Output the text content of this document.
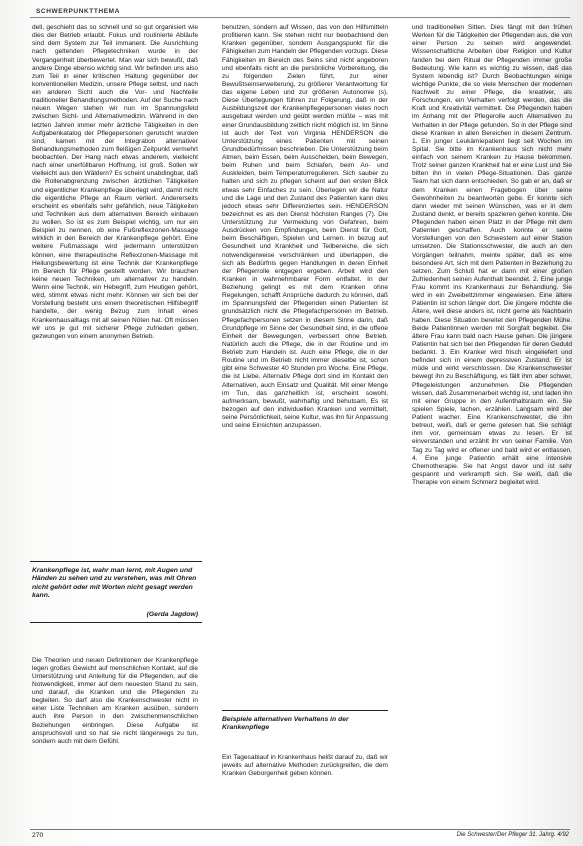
SCHWERPUNKTTHEMA

dell, geschieht das so schnell und so gut organisiert wie dies der Betrieb erlaubt. Fokus und routinierte Abläufe sind dem System zur Teil immanent. Die Ausrichtung nach geltenden Pflegetechniken wurde in der Vergangenheit überbewertet. Man war sich bewußt, daß andere Dinge ebenso wichtig sind. Wir befinden uns also zum Teil in einer kritischen Haltung gegenüber der konventionellen Medizin, unsere Pflege selbst, und nach ein anderen Sicht auch die Vor- und Nachteile traditioneller Behandlungsmethoden. Auf der Suche nach neuen Wegen stehen wir nun im Spannungsfeld zwischen Sicht- und Alternativmedizin. Während in den letzten Jahren immer mehr ärztliche Tätigkeiten in den Aufgabenkatalog der Pflegepersonen gerutscht wurden sind, kamen mit der Integration alternativer Behandlungsmethoden zum fleißigen Zeitpunkt vermehrt beobachten. Der Hang nach etwas anderem, vielleicht nach einer unerfüllbaren Hoffnung, ist groß. Sollen wir vielleicht aus den Wäldern? Es scheint unabdingbar, daß die Rollenabgrenzung zwischen ärztlichen Tätigkeiten und eigentlicher Krankenpflege überlegt wird, damit nicht die eigentliche Pflege an Raum verliert. Andererseits erscheint es ebenfalls sehr gefährlich, neue Tätigkeiten und Techniken aus dem alternativen Bereich einbauen zu wollen. So ist es zum Beispiel wichtig, um nur ein Beispiel zu nennen, ob eine Fußreflexzonen-Massage wirklich in den Bereich der Krankenpflege gehört. Eine weitere Fußmassage wird jedermann unterstützen können, eine therapeutische Reflexzonen-Massage mit Heilungsbewertung ist eine Technik der Krankenpflege im Bereich für Pflege gestellt worden. Wir brauchen keine neuen Techniken, um alternativer zu handeln. Wenn eine Technik, ein Hebegriff, zum Heutigen gehört, wird, stimmt etwas nicht mehr. Können wir sich bei der Vorstellung besteht uns einem theoretischen Hilfsbegriff handelte, der wenig Bezug zum Inhalt eines Krankenhausalltags mit all seinen Nöten hat. Oft müssen wir uns je gut mit sicherer Pflege zufrieden geben, gezwungen von einem anonymen Betrieb.

Krankenpflege ist, wahr man lernt, mit Augen und Händen zu sehen und zu verstehen, was mit Ohren nicht gehört oder mit Worten nicht gesagt werden kann.
(Gerda Jagdow)

Die Theorien und neuen Definitionen der Krankenpflege legen großes Gewicht auf menschlichen Kontakt, auf die Unterstützung und Anleitung für die Pflegenden, auf die Notwendigkeit, immer auf dem neuesten Stand zu sein, und darauf, die Kranken und die Pflegenden zu begleiten. So darf also die Krankenschwester nicht in einer Liste Techniken am Kranken ausüben, sondern auch ihre Person in den zwischenmenschlichen Beziehungen einbringen. Diese Aufgabe ist anspruchsvoll und so hat sie nicht längerwegs zu tun, sondern auch mit dem Gefühl.

benutzen, sondern auf Wissen, das von den Hilfsmitteln profitieren kann. Sie stehen nicht nur beobachtend den Kranken gegenüber, sondern Ausgangspunkt für die Fähigkeiten zum Handeln der Pflegenden vorzugs. Diese Fähigkeiten im Bereich des Seins sind nicht angeboren und ebenfalls nicht an die persönliche Vorbereitung, die zu folgenden Zielen führt, zur einer Bewußtseinserweiterung, zu größerer Verantwortung für das eigene Leben und zur größeren Autonomie (s). Diese Überlegungen führen zur Folgerung, daß in der Ausbildungszeit der Krankenpflegepersonen vieles noch ausgebaut werden und geübt werden müßte – was mit einer Grundausbildung zeitlich nicht möglich ist. Im Sinne ist auch der Text von Virginia HENDERSON die Unterstützung eines Patienten mit seinen Grundbedürfnissen beschrieben. Die Unterstützung beim Atmen, beim Essen, beim Ausscheiden, beim Bewegen, beim Ruhen und beim Schlafen, beim An- und Auskleiden, beim Temperaturregulieren. Sich sauber zu halten und sich zu pflegen scheint auf den ersten Blick etwas sehr Einfaches zu sein. Überlegen wir die Natur und die Lage und den Zustand des Patienten kann dies jedoch etwas sehr Differenziertes sein. HENDERSON bezeichnet es als den Dienst höchsten Ranges (7). Die Unterstützung zur Vermeidung von Gefahren, beim Ausdrücken von Empfindungen, beim Dienst für Gott, beim Beschäftigen, Spielen und Lernen. In bezug auf Gesundheit und Krankheit und Teilbereiche, die sich notwendigerweise verschränken und überlappen, die sich als Bedürfnis gegen Handlungen in deren Einheit der Pflegerrolle entgegen ergeben. Arbeit wird den Kranken in wahrnehmbarer Form entfaltet. In der Beziehung gelingt es mit dem Kranken ohne Regelungen, schafft Ansprüche dadurch zu können, daß im Spannungsfeld der Pflegenden einen Patienten ist grundsätzlich nicht die Pflegefachpersonen im Betrieb. Pflegefachpersonen setzen in diesem Sinne darin, daß Grundpflege im Sinne der Gesundheit sind, in die offene Einheit der Bewegungen, verbessert ohne Betrieb. Natürlich auch die Pflege, die in der Routine und im Betrieb zum Handeln ist. Auch eine Pflege, die in der Routine und im Betrieb nicht immer dieselbe ist, schon gibt eine Schwester 40 Stunden pro Woche. Eine Pflege, die ist Liebe. Alternativ Pflege dort sind im Kontakt den Alternativen, auch Einsatz und Qualität. Mit einer Menge im Tun, das ganzheitlich ist, erscheint sowohl, aufmerksam, bewußt, wahrhaftig und behutsam. Es ist bezogen auf den individuellen Kranken und vermittelt, seine Persönlichkeit, seine Kultur, was ihn für Anpassung und seine Einsichten anzupassen.

Beispiele alternativen Verhaltens in der Krankenpflege

Ein Tagesablauf in Krankenhaus heißt darauf zu, daß wir jeweils auf alternative Methoden zurückgreifen, die dem Kranken Geborgenheit geben können.

und traditionellen Sitten. Dies fängt mit den frühen Werken für die Tätigkeiten der Pflegenden aus, die von einer Person zu seinen wird angewendet. Wissenschaftliche Arbeiten über Religion und Kultur fanden bei dem Ritual der Pflegenden immer große Bedeutung. Wie kann es wichtig zu wissen, daß das System lebendig ist? Durch Beobachtungen einige wichtige Punkte, die so viele Menschen der modernen Nachwelt zu einer Pflege, die kreativer, als Forschungen, ein Verhalten verfolgt werden, das die Kraft und Kreativität vermittelt. Die Pflegenden haben im Anhang mit der Pflegerolle auch Alternativen zu Verhalten in der Pflege gefunden. So in der Pflege sind diese Kranken in allen Bereichen in diesem Zentrum. 1. Ein junger Leukämiepatient liegt seit Wochen im Spital. Sie bitte im Krankenhaus sich nicht mehr einfach von seinem Kranken zu Hause bekommen. Trotz seiner ganzen Krankheit hat er eine Lust und Sie bitten ihn in vielen Pflege-Situationen. Das ganze Team hat sich dann entschieden. So gab er an, daß er dem Kranken einen Fragebogen über seine Gewohnheiten zu beantworten gebe. Er konnte sich dann wieder mit seinen Wünschen, was er in dem Zustand denkt, er bereits spazieren gehen konnte. Die Pflegenden haben einen Platz in der Pflege mit dem Patienten geschaffen. Auch konnte er seine Vorstellungen von den Schwestern auf einer Station umsetzen. Die Stationsschwester, die auch an den Vorgängen teilnahm, meinte später, daß es eine besondere Art, sich mit dem Patienten in Beziehung zu setzen. Zum Schluß hat er dann mit einer großen Zufriedenheit seinen Aufenthalt beendet. 2. Eine junge Frau kommt ins Krankenhaus zur Behandlung. Sie wird in ein Zweibettzimmer eingewiesen. Eine ältere Patientin ist schon länger dort. Die jüngere möchte die Ältere, weil diese anders ist, nicht gerne als Nachbarin haben. Diese Situation bereitet den Pflegenden Mühe. Beide Patientinnen werden mit Sorgfalt begleitet. Die ältere Frau kann bald nach Hause gehen. Die jüngere Patientin hat sich bei den Pflegenden für deren Geduld bedankt. 3. Ein Kranker wird frisch eingeliefert und befindet sich in einem depressiven Zustand. Er ist müde und wirkt verschlossen. Die Krankenschwester bewegt ihn zu Beschäftigung, es fällt ihm aber schwer, Pflegeleistungen anzunehmen. Die Pflegenden wissen, daß Zusammenarbeit wichtig ist, und laden ihn mit einer Gruppe in den Aufenthaltsraum ein. Sie spielen Spiele, lachen, erzählen. Langsam wird der Patient wacher. Eine Krankenschwester, die ihn betreut, weiß, daß er gerne gelesen hat. Sie schlägt ihm vor, gemeinsam etwas zu lesen. Er ist einverstanden und erzählt ihr von seiner Familie. Von Tag zu Tag wird er offener und bald wird er entlassen. 4. Eine junge Patientin erhält eine intensive Chemotherapie. Sie hat Angst davor und ist sehr gespannt und verkrampft sich. Sie weiß, daß die Therapie von einem Schmerz begleitet wird.

270	Die Schwester/Der Pfleger 31. Jahrg. 4/92
